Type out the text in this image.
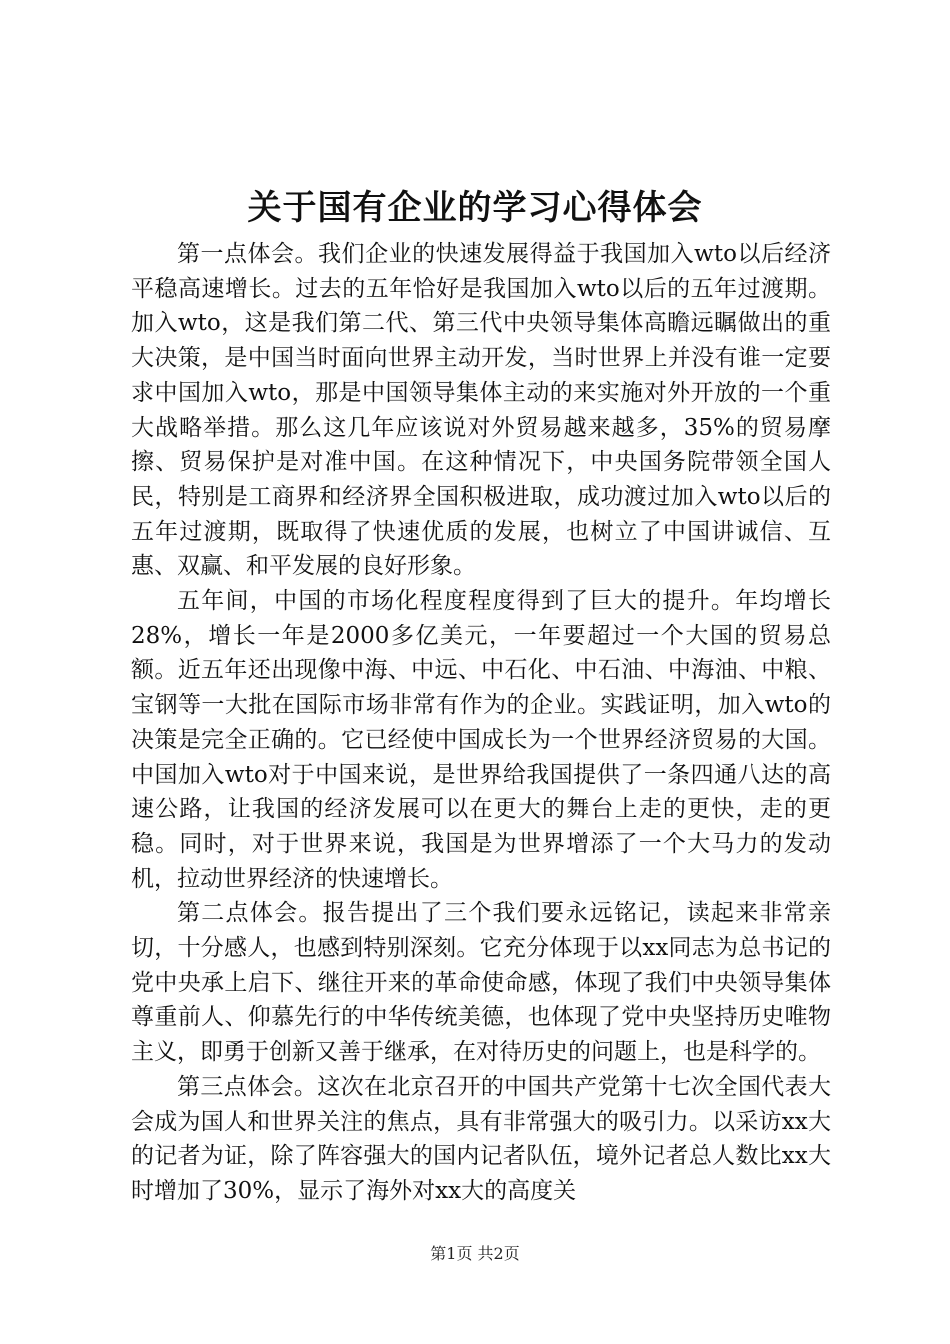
关于国有企业的学习心得体会

第一点体会。我们企业的快速发展得益于我国加入wto以后经济平稳高速增长。过去的五年恰好是我国加入wto以后的五年过渡期。加入wto，这是我们第二代、第三代中央领导集体高瞻远瞩做出的重大决策，是中国当时面向世界主动开发，当时世界上并没有谁一定要求中国加入wto，那是中国领导集体主动的来实施对外开放的一个重大战略举措。那么这几年应该说对外贸易越来越多，35%的贸易摩擦、贸易保护是对准中国。在这种情况下，中央国务院带领全国人民，特别是工商界和经济界全国积极进取，成功渡过加入wto以后的五年过渡期，既取得了快速优质的发展，也树立了中国讲诚信、互惠、双赢、和平发展的良好形象。

五年间，中国的市场化程度程度得到了巨大的提升。年均增长28%，增长一年是2000多亿美元，一年要超过一个大国的贸易总额。近五年还出现像中海、中远、中石化、中石油、中海油、中粮、宝钢等一大批在国际市场非常有作为的企业。实践证明，加入wto的决策是完全正确的。它已经使中国成长为一个世界经济贸易的大国。中国加入wto对于中国来说，是世界给我国提供了一条四通八达的高速公路，让我国的经济发展可以在更大的舞台上走的更快，走的更稳。同时，对于世界来说，我国是为世界增添了一个大马力的发动机，拉动世界经济的快速增长。

第二点体会。报告提出了三个我们要永远铭记，读起来非常亲切，十分感人，也感到特别深刻。它充分体现于以xx同志为总书记的党中央承上启下、继往开来的革命使命感，体现了我们中央领导集体尊重前人、仰慕先行的中华传统美德，也体现了党中央坚持历史唯物主义，即勇于创新又善于继承，在对待历史的问题上，也是科学的。

第三点体会。这次在北京召开的中国共产党第十七次全国代表大会成为国人和世界关注的焦点，具有非常强大的吸引力。以采访xx大的记者为证，除了阵容强大的国内记者队伍，境外记者总人数比xx大时增加了30%，显示了海外对xx大的高度关

第1页 共2页
